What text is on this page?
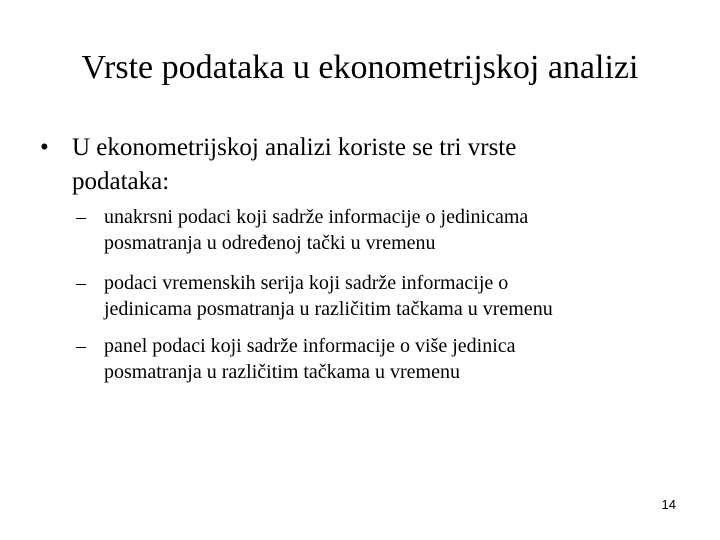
Vrste podataka u ekonometrijskoj analizi
• U ekonometrijskoj analizi koriste se tri vrste
podataka:
– unakrsni podaci koji sadrže informacije o jedinicama
posmatranja u određenoj tački u vremenu
– podaci vremenskih serija koji sadrže informacije o
jedinicama posmatranja u različitim tačkama u vremenu
– panel podaci koji sadrže informacije o više jedinica
posmatranja u različitim tačkama u vremenu
14
